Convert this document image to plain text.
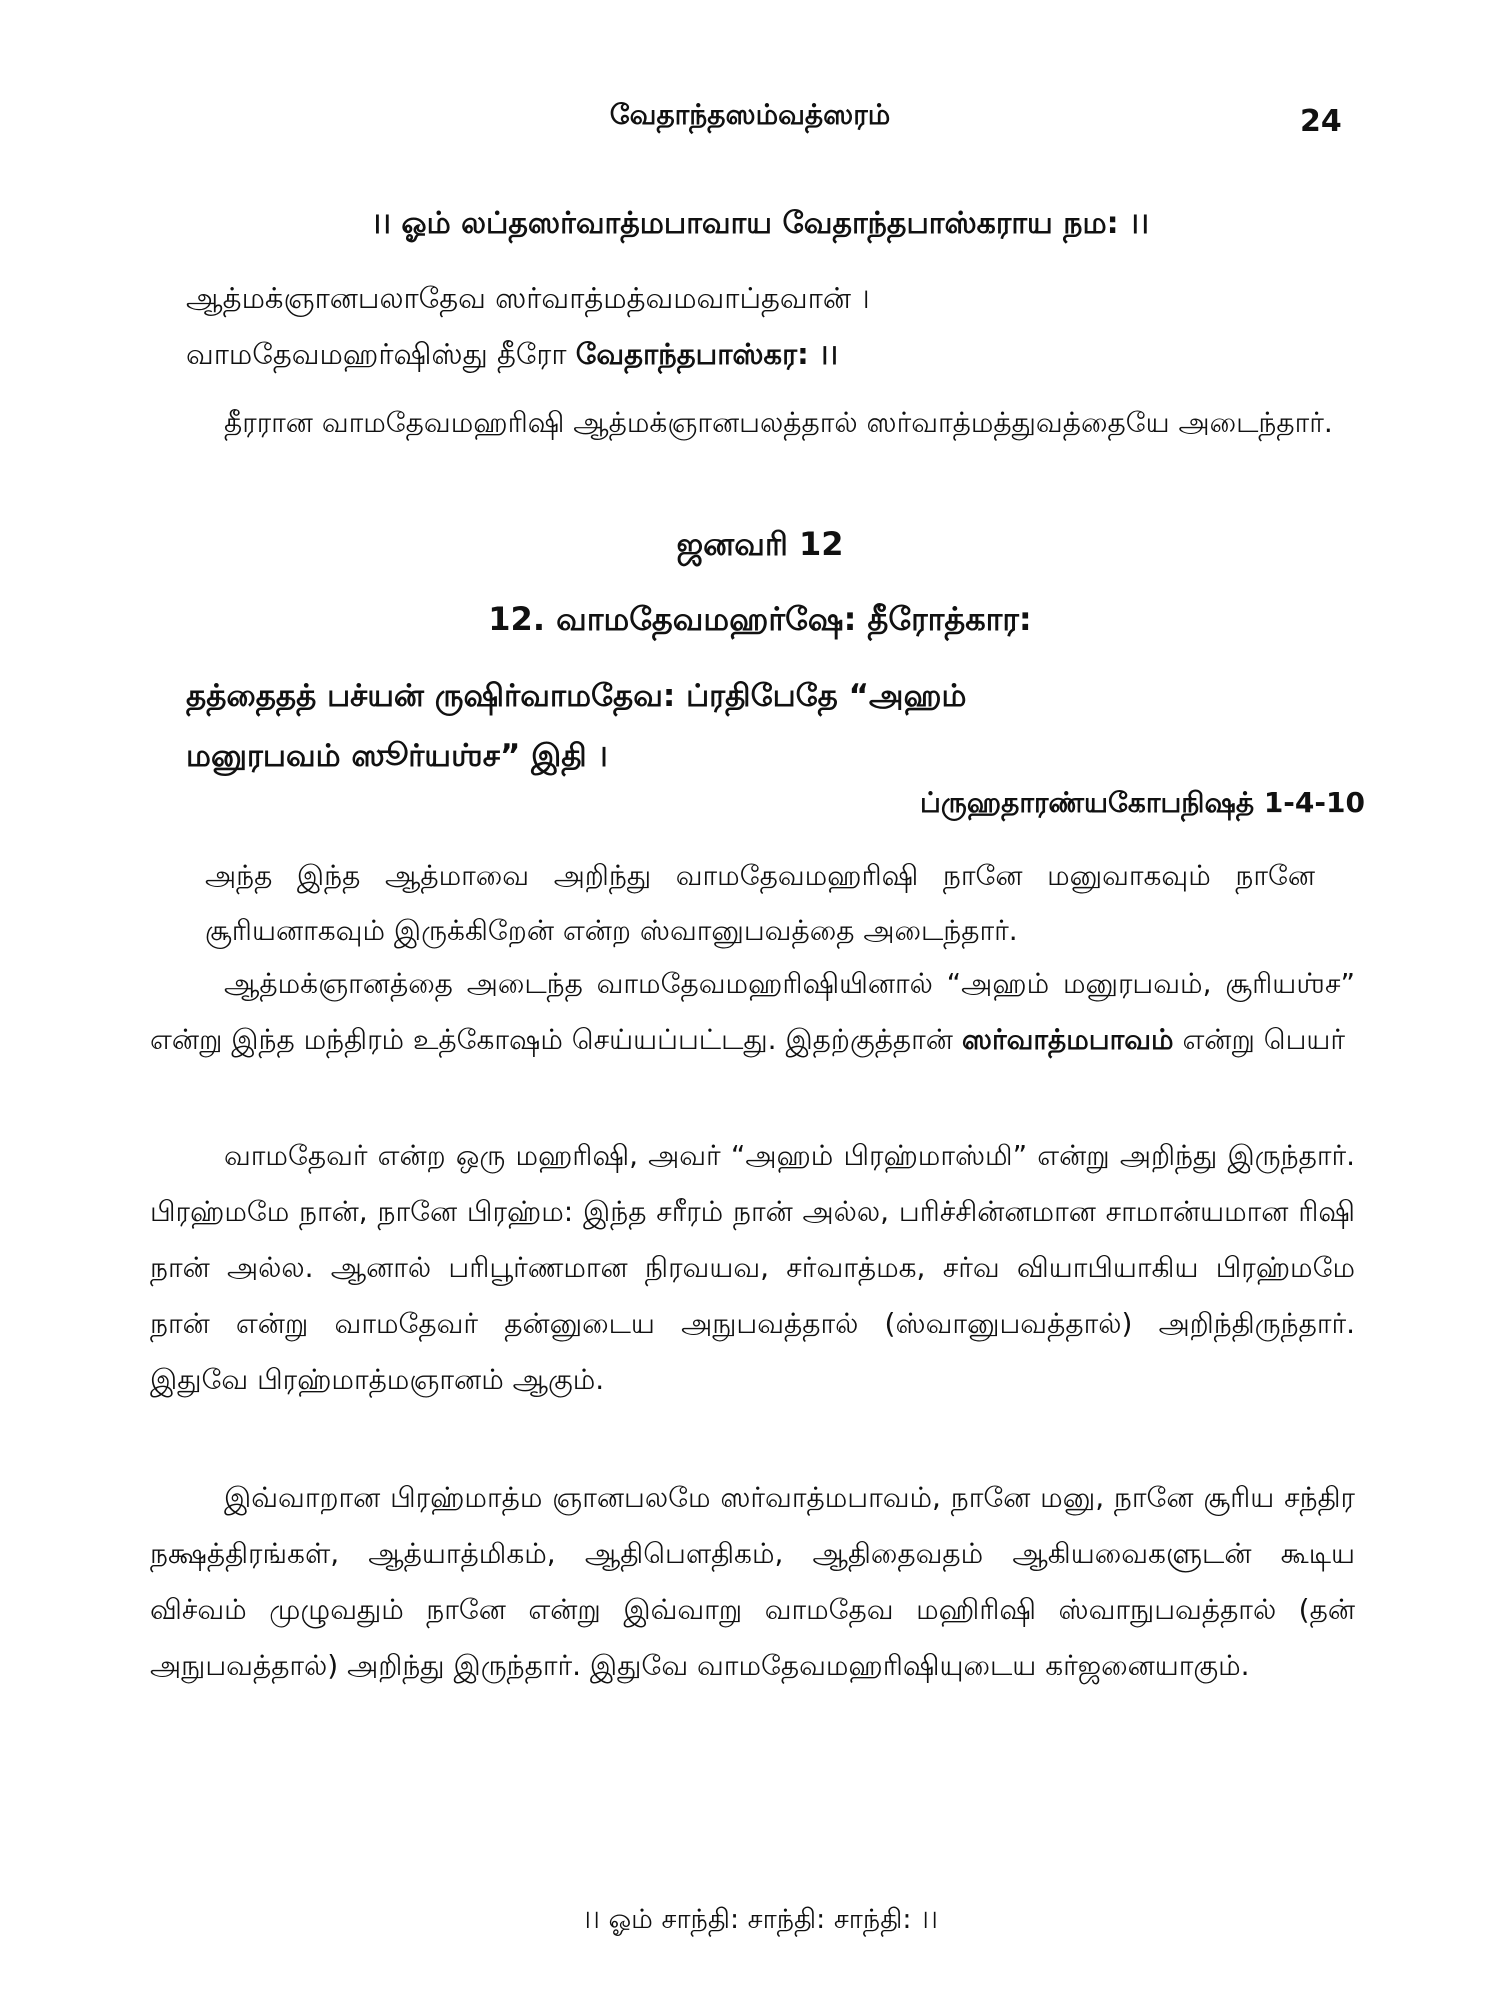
வேதாந்தஸம்வத்ஸரம்	24
।। ஓம் லப்தஸர்வாத்மபாவாய வேதாந்தபாஸ்கராய நம: ।।
ஆத்மக்ஞானபலாதேவ ஸர்வாத்மத்வமவாப்தவான் ।
வாமதேவமஹர்ஷிஸ்து தீரோ வேதாந்தபாஸ்கர: ।।
தீரரான வாமதேவமஹரிஷி ஆத்மக்ஞானபலத்தால் ஸர்வாத்மத்துவத்தையே அடைந்தார்.
ஜனவரி 12
12. வாமதேவமஹர்ஷே: தீரோத்கார:
தத்தைதத் பச்யன் ருஷிர்வாமதேவ: ப்ரதிபேதே “அஹம்
மனுரபவம் ஸூர்யஶ்ச” இதி ।
ப்ருஹதாரண்யகோபநிஷத் 1-4-10
அந்த இந்த ஆத்மாவை அறிந்து வாமதேவமஹரிஷி நானே மனுவாகவும் நானே சூரியனாகவும் இருக்கிறேன் என்ற ஸ்வானுபவத்தை அடைந்தார்.
ஆத்மக்ஞானத்தை அடைந்த வாமதேவமஹரிஷியினால் “அஹம் மனுரபவம், சூரியஶ்ச” என்று இந்த மந்திரம் உத்கோஷம் செய்யப்பட்டது. இதற்குத்தான் ஸர்வாத்மபாவம் என்று பெயர்
வாமதேவர் என்ற ஒரு மஹரிஷி, அவர் “அஹம் பிரஹ்மாஸ்மி” என்று அறிந்து இருந்தார். பிரஹ்மமே நான், நானே பிரஹ்ம: இந்த சரீரம் நான் அல்ல, பரிச்சின்னமான சாமான்யமான ரிஷி நான் அல்ல. ஆனால் பரிபூர்ணமான நிரவயவ, சர்வாத்மக, சர்வ வியாபியாகிய பிரஹ்மமே நான் என்று வாமதேவர் தன்னுடைய அநுபவத்தால் (ஸ்வானுபவத்தால்) அறிந்திருந்தார். இதுவே பிரஹ்மாத்மஞானம் ஆகும்.
இவ்வாறான பிரஹ்மாத்ம ஞானபலமே ஸர்வாத்மபாவம், நானே மனு, நானே சூரிய சந்திர நக்ஷத்திரங்கள், ஆத்யாத்மிகம், ஆதிபௌதிகம், ஆதிதைவதம் ஆகியவைகளுடன் கூடிய விச்வம் முழுவதும் நானே என்று இவ்வாறு வாமதேவ மஹிரிஷி ஸ்வாநுபவத்தால் (தன் அநுபவத்தால்) அறிந்து இருந்தார். இதுவே வாமதேவமஹரிஷியுடைய கர்ஜனையாகும்.
।। ஓம் சாந்தி: சாந்தி: சாந்தி: ।।
